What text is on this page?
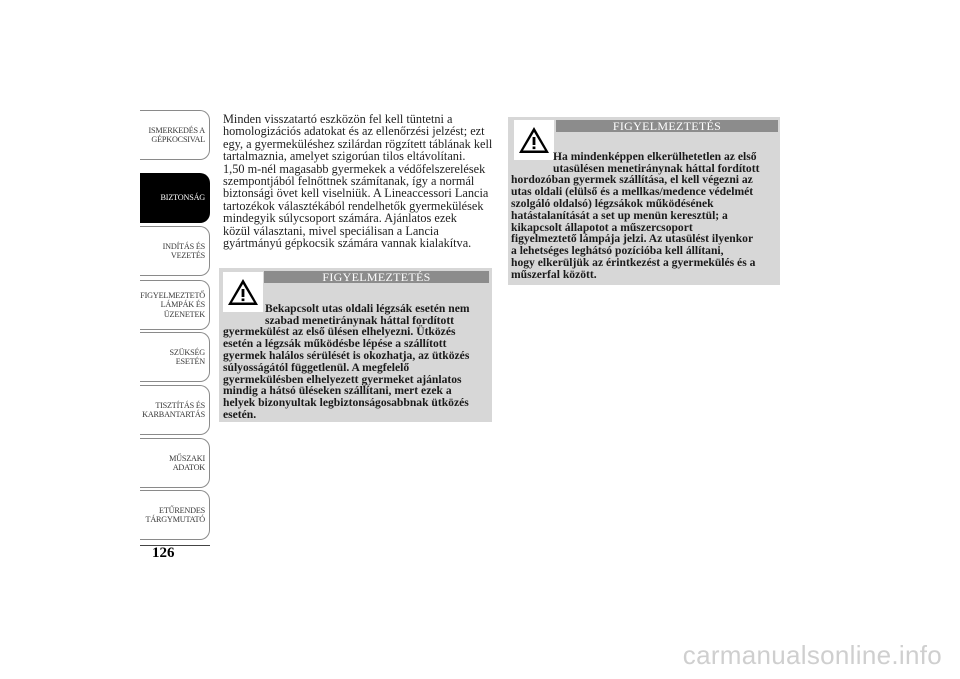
ISMERKEDÉS A
GÉPKOCSIVAL
BIZTONSÁG
INDÍTÁS ÉS
VEZETÉS
FIGYELMEZTETŐ
LÁMPÁK ÉS
ÜZENETEK
SZÜKSÉG ESETÉN
TISZTÍTÁS ÉS
KARBANTARTÁS
MŰSZAKI ADATOK
ETŰRENDES
TÁRGYMUTATÓ
126
Minden visszatartó eszközön fel kell tüntetni a
homologizációs adatokat és az ellenőrzési jelzést; ezt
egy, a gyermeküléshez szilárdan rögzített táblának kell
tartalmaznia, amelyet szigorúan tilos eltávolítani.
1,50 m-nél magasabb gyermekek a védőfelszerelések
szempontjából felnőttnek számítanak, így a normál
biztonsági övet kell viselniük. A Lineaccessori Lancia
tartozékok választékából rendelhetők gyermekülések
mindegyik súlycsoport számára. Ajánlatos ezek
közül választani, mivel speciálisan a Lancia
gyártmányú gépkocsik számára vannak kialakítva.
FIGYELMEZTETÉS

Bekapcsolt utas oldali légzsák esetén nem
szabad menetiránynak háttal fordított
gyermekülést az első ülésen elhelyezni. Ütközés
esetén a légzsák működésbe lépése a szállított
gyermek halálos sérülését is okozhatja, az ütközés
súlyosságától függetlenül. A megfelelő
gyermekülésben elhelyezett gyermeket ajánlatos
mindig a hátsó üléseken szállítani, mert ezek a
helyek bizonyultak legbiztonságosabbnak ütközés
esetén.

FIGYELMEZTETÉS

Ha mindenképpen elkerülhetetlen az első
utasülésen menetiránynak háttal fordított
hordozóban gyermek szállítása, el kell végezni az
utas oldali (elülső és a mellkas/medence védelmét
szolgáló oldalsó) légzsákok működésének
hatástalanítását a set up menün keresztül; a
kikapcsolt állapotot a műszercsoport
figyelmeztető lámpája jelzi. Az utasülést ilyenkor
a lehetséges leghátsó pozícióba kell állítani,
hogy elkerüljük az érintkezést a gyermekülés és a
műszerfal között.

carmanualsonline.info
